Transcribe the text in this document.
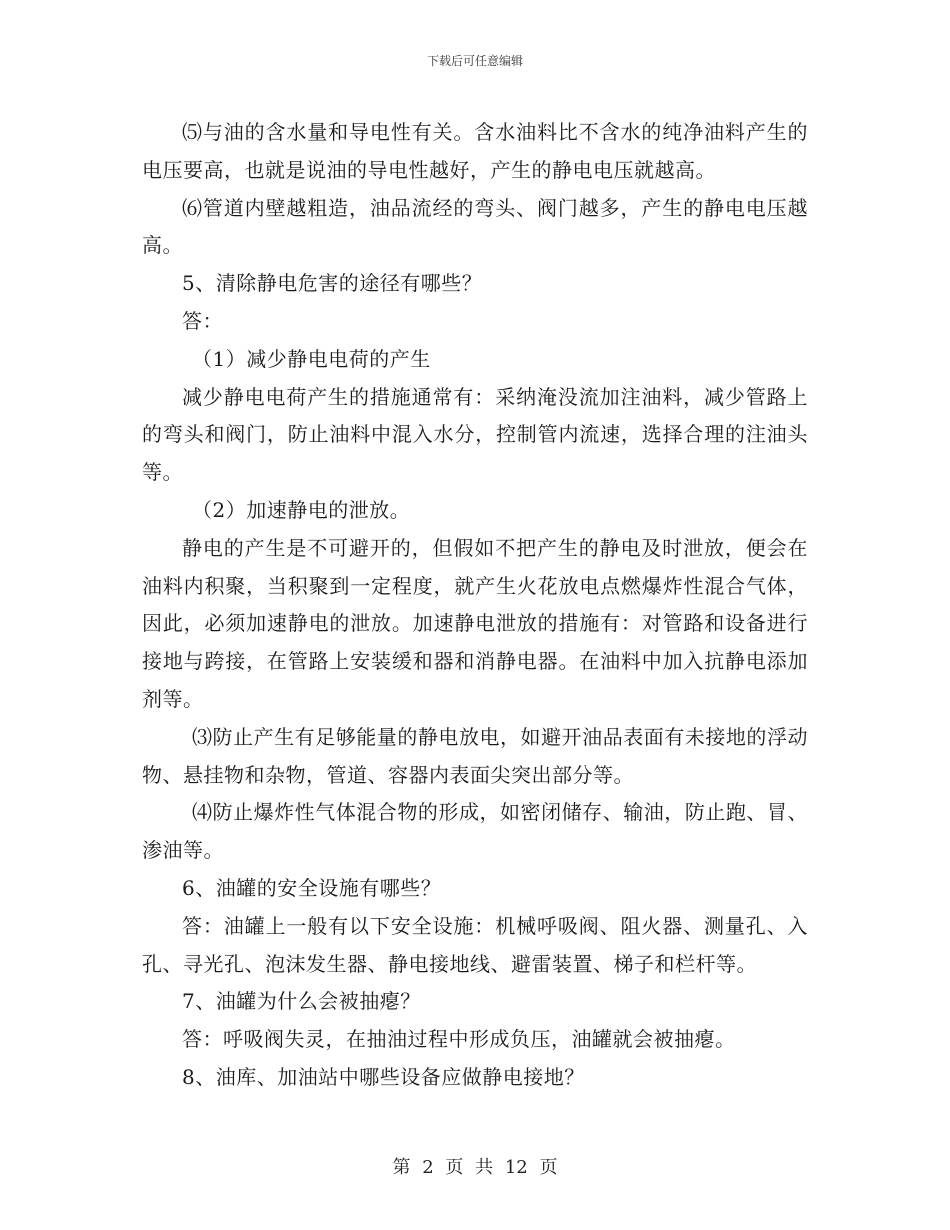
下载后可任意编辑

⑸与油的含水量和导电性有关。含水油料比不含水的纯净油料产生的电压要高，也就是说油的导电性越好，产生的静电电压就越高。

⑹管道内壁越粗造，油品流经的弯头、阀门越多，产生的静电电压越高。

5、清除静电危害的途径有哪些？

答：

（1）减少静电电荷的产生

减少静电电荷产生的措施通常有：采纳淹没流加注油料，减少管路上的弯头和阀门，防止油料中混入水分，控制管内流速，选择合理的注油头等。

（2）加速静电的泄放。

静电的产生是不可避开的，但假如不把产生的静电及时泄放，便会在油料内积聚，当积聚到一定程度，就产生火花放电点燃爆炸性混合气体，因此，必须加速静电的泄放。加速静电泄放的措施有：对管路和设备进行接地与跨接，在管路上安装缓和器和消静电器。在油料中加入抗静电添加剂等。

⑶防止产生有足够能量的静电放电，如避开油品表面有未接地的浮动物、悬挂物和杂物，管道、容器内表面尖突出部分等。

⑷防止爆炸性气体混合物的形成，如密闭储存、输油，防止跑、冒、渗油等。

6、油罐的安全设施有哪些？

答：油罐上一般有以下安全设施：机械呼吸阀、阻火器、测量孔、入孔、寻光孔、泡沫发生器、静电接地线、避雷装置、梯子和栏杆等。

7、油罐为什么会被抽瘪？

答：呼吸阀失灵，在抽油过程中形成负压，油罐就会被抽瘪。

8、油库、加油站中哪些设备应做静电接地？

第 2 页 共 12 页
